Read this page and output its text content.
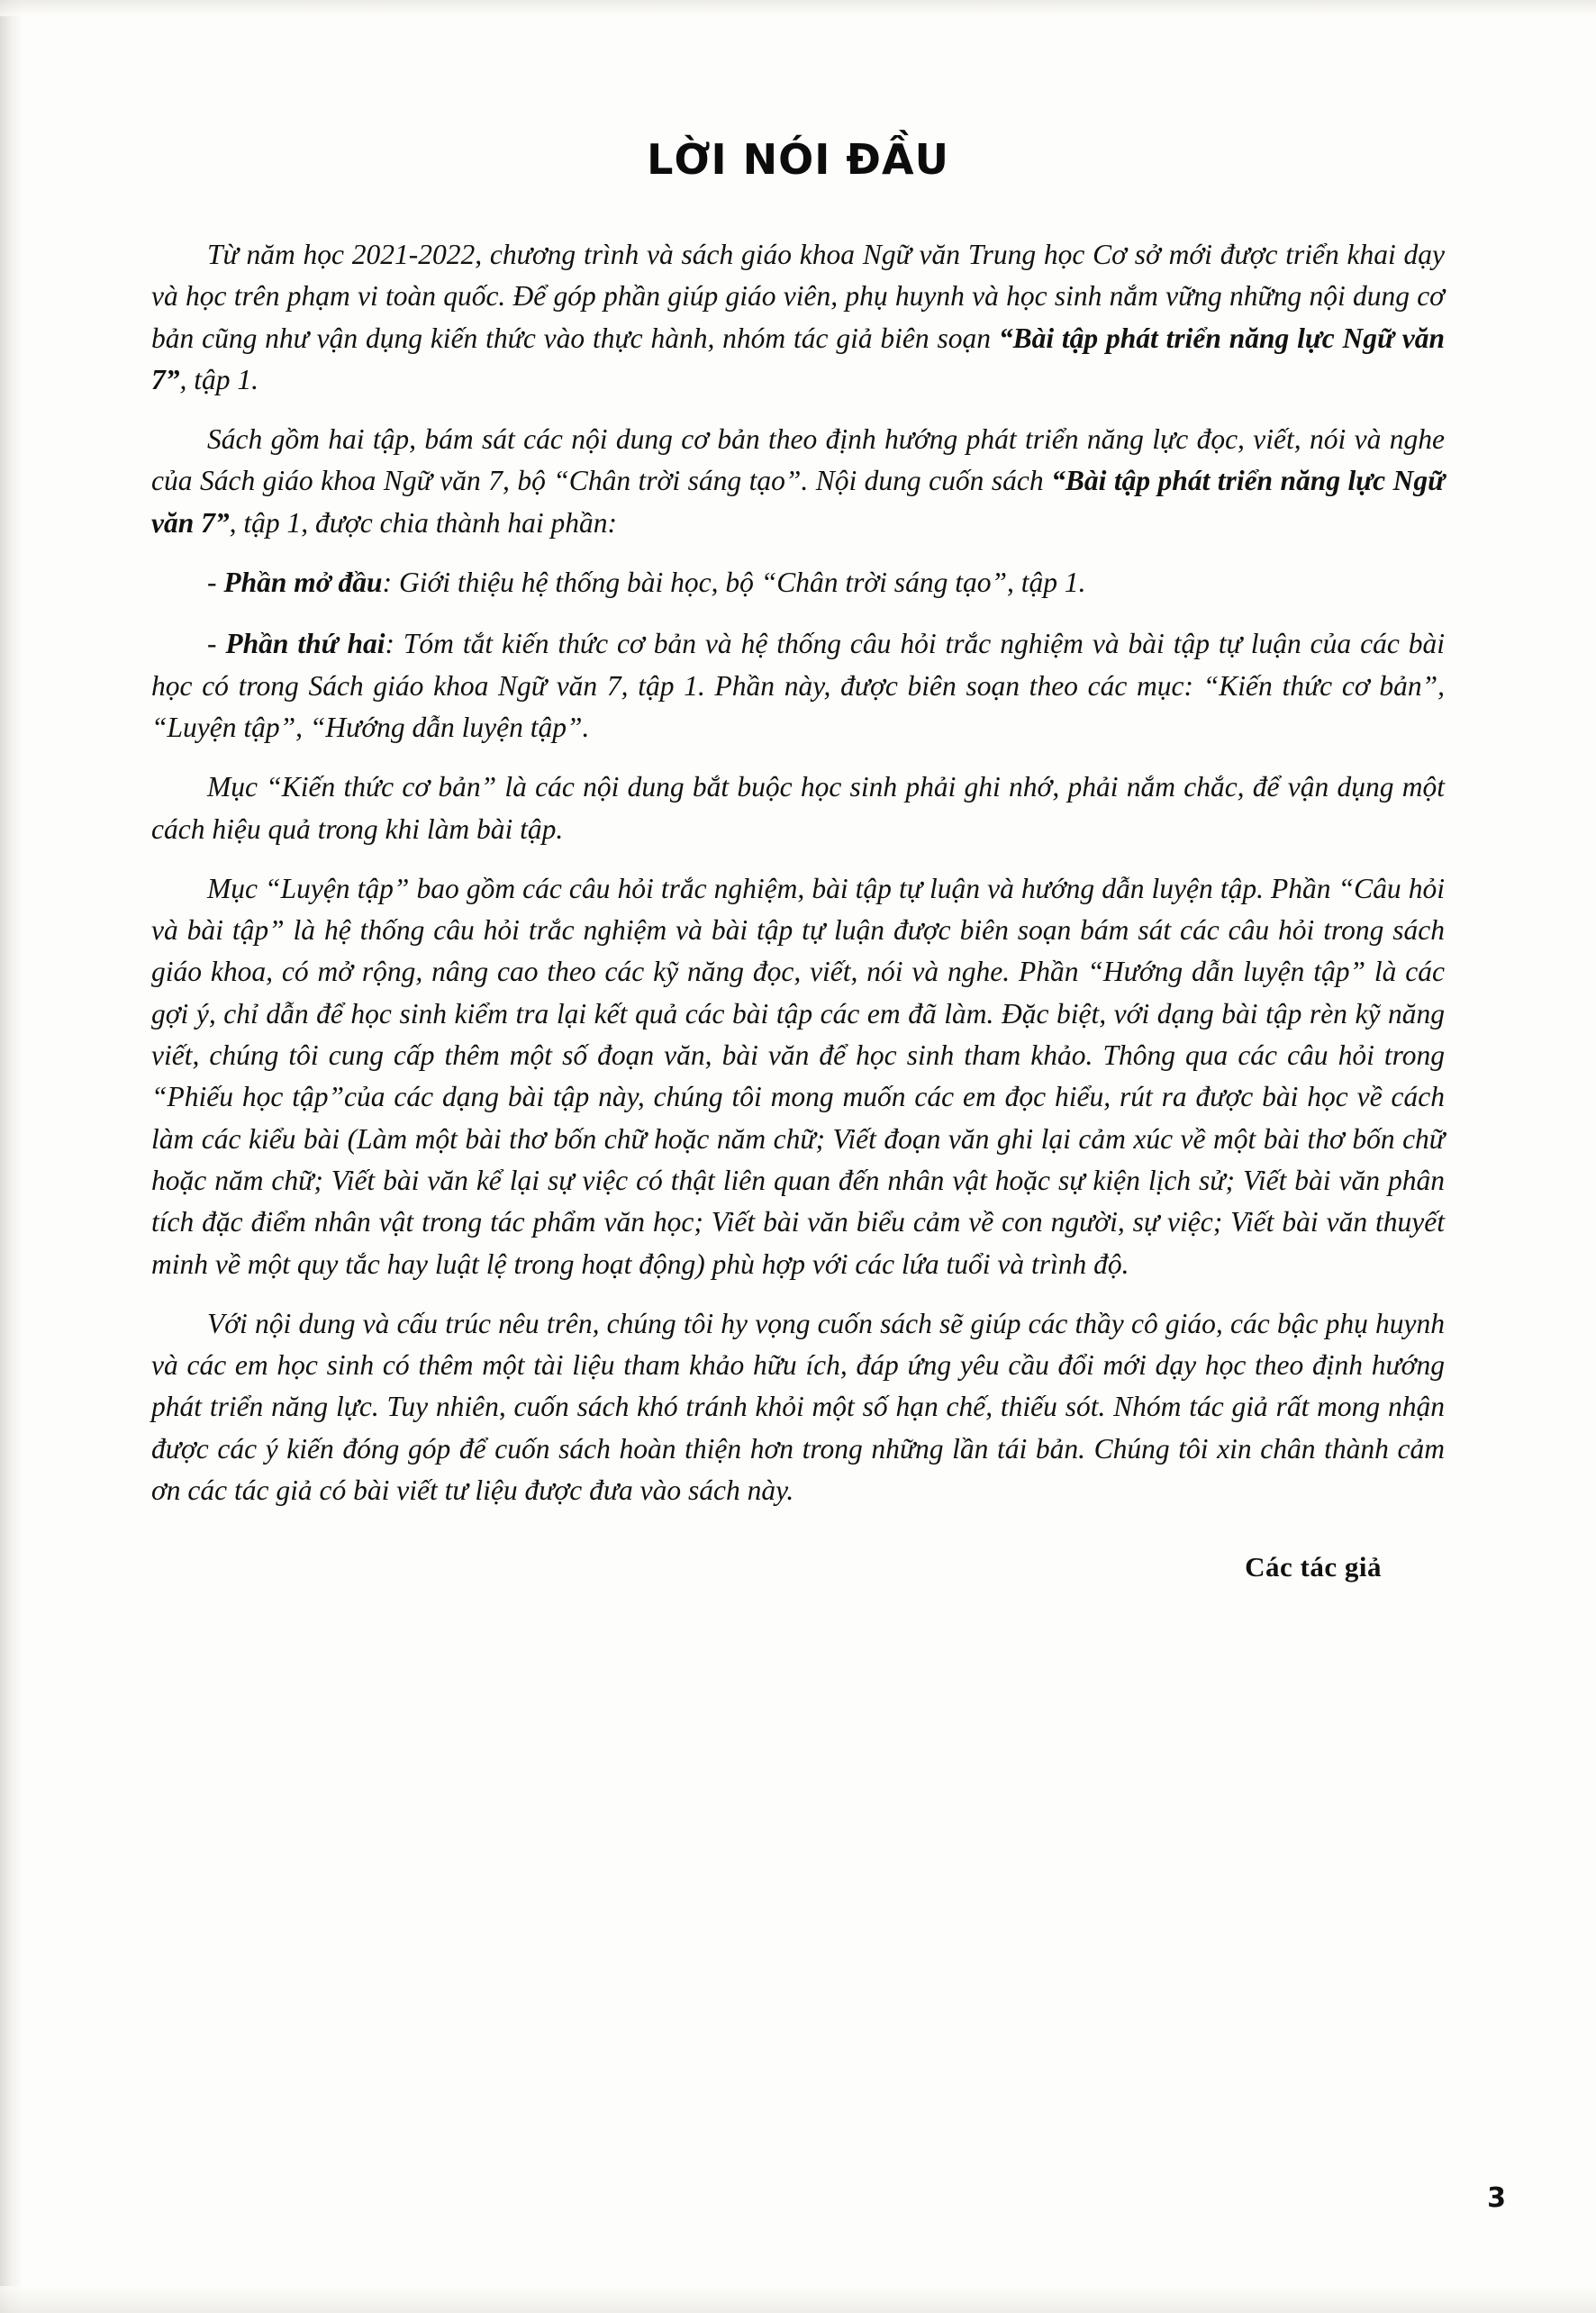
LỜI NÓI ĐẦU

Từ năm học 2021-2022, chương trình và sách giáo khoa Ngữ văn Trung học Cơ sở mới được triển khai dạy và học trên phạm vi toàn quốc. Để góp phần giúp giáo viên, phụ huynh và học sinh nắm vững những nội dung cơ bản cũng như vận dụng kiến thức vào thực hành, nhóm tác giả biên soạn “Bài tập phát triển năng lực Ngữ văn 7”, tập 1.

Sách gồm hai tập, bám sát các nội dung cơ bản theo định hướng phát triển năng lực đọc, viết, nói và nghe của Sách giáo khoa Ngữ văn 7, bộ “Chân trời sáng tạo”. Nội dung cuốn sách “Bài tập phát triển năng lực Ngữ văn 7”, tập 1, được chia thành hai phần:

- Phần mở đầu: Giới thiệu hệ thống bài học, bộ “Chân trời sáng tạo”, tập 1.

- Phần thứ hai: Tóm tắt kiến thức cơ bản và hệ thống câu hỏi trắc nghiệm và bài tập tự luận của các bài học có trong Sách giáo khoa Ngữ văn 7, tập 1. Phần này, được biên soạn theo các mục: “Kiến thức cơ bản”, “Luyện tập”, “Hướng dẫn luyện tập”.

Mục “Kiến thức cơ bản” là các nội dung bắt buộc học sinh phải ghi nhớ, phải nắm chắc, để vận dụng một cách hiệu quả trong khi làm bài tập.

Mục “Luyện tập” bao gồm các câu hỏi trắc nghiệm, bài tập tự luận và hướng dẫn luyện tập. Phần “Câu hỏi và bài tập” là hệ thống câu hỏi trắc nghiệm và bài tập tự luận được biên soạn bám sát các câu hỏi trong sách giáo khoa, có mở rộng, nâng cao theo các kỹ năng đọc, viết, nói và nghe. Phần “Hướng dẫn luyện tập” là các gợi ý, chỉ dẫn để học sinh kiểm tra lại kết quả các bài tập các em đã làm. Đặc biệt, với dạng bài tập rèn kỹ năng viết, chúng tôi cung cấp thêm một số đoạn văn, bài văn để học sinh tham khảo. Thông qua các câu hỏi trong “Phiếu học tập”của các dạng bài tập này, chúng tôi mong muốn các em đọc hiểu, rút ra được bài học về cách làm các kiểu bài (Làm một bài thơ bốn chữ hoặc năm chữ; Viết đoạn văn ghi lại cảm xúc về một bài thơ bốn chữ hoặc năm chữ; Viết bài văn kể lại sự việc có thật liên quan đến nhân vật hoặc sự kiện lịch sử; Viết bài văn phân tích đặc điểm nhân vật trong tác phẩm văn học; Viết bài văn biểu cảm về con người, sự việc; Viết bài văn thuyết minh về một quy tắc hay luật lệ trong hoạt động) phù hợp với các lứa tuổi và trình độ.

Với nội dung và cấu trúc nêu trên, chúng tôi hy vọng cuốn sách sẽ giúp các thầy cô giáo, các bậc phụ huynh và các em học sinh có thêm một tài liệu tham khảo hữu ích, đáp ứng yêu cầu đổi mới dạy học theo định hướng phát triển năng lực. Tuy nhiên, cuốn sách khó tránh khỏi một số hạn chế, thiếu sót. Nhóm tác giả rất mong nhận được các ý kiến đóng góp để cuốn sách hoàn thiện hơn trong những lần tái bản. Chúng tôi xin chân thành cảm ơn các tác giả có bài viết tư liệu được đưa vào sách này.

Các tác giả
3
